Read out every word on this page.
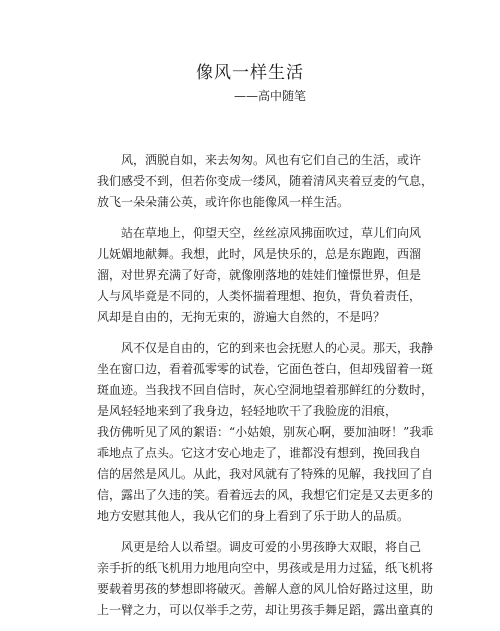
像风一样生活
——高中随笔
风，洒脱自如，来去匆匆。风也有它们自己的生活，或许
我们感受不到，但若你变成一缕风，随着清风夹着豆麦的气息，
放飞一朵朵蒲公英，或许你也能像风一样生活。
站在草地上，仰望天空，丝丝凉风拂面吹过，草儿们向风
儿妩媚地献舞。我想，此时，风是快乐的，总是东跑跑，西溜
溜，对世界充满了好奇，就像刚落地的娃娃们憧憬世界，但是
人与风毕竟是不同的，人类怀揣着理想、抱负，背负着责任，
风却是自由的，无拘无束的，游遍大自然的，不是吗？
风不仅是自由的，它的到来也会抚慰人的心灵。那天，我静
坐在窗口边，看着孤零零的试卷，它面色苍白，但却残留着一斑
斑血迹。当我找不回自信时，灰心空洞地望着那鲜红的分数时，
是风轻轻地来到了我身边，轻轻地吹干了我脸庞的泪痕，
我仿佛听见了风的絮语：“小姑娘，别灰心啊，要加油呀！”我乖
乖地点了点头。它这才安心地走了，谁都没有想到，挽回我自
信的居然是风儿。从此，我对风就有了特殊的见解，我找回了自
信，露出了久违的笑。看着远去的风，我想它们定是又去更多的
地方安慰其他人，我从它们的身上看到了乐于助人的品质。
风更是给人以希望。调皮可爱的小男孩睁大双眼，将自己
亲手折的纸飞机用力地甩向空中，男孩或是用力过猛，纸飞机将
要载着男孩的梦想即将破灭。善解人意的风儿恰好路过这里，助
上一臂之力，可以仅举手之劳，却让男孩手舞足蹈，露出童真的
